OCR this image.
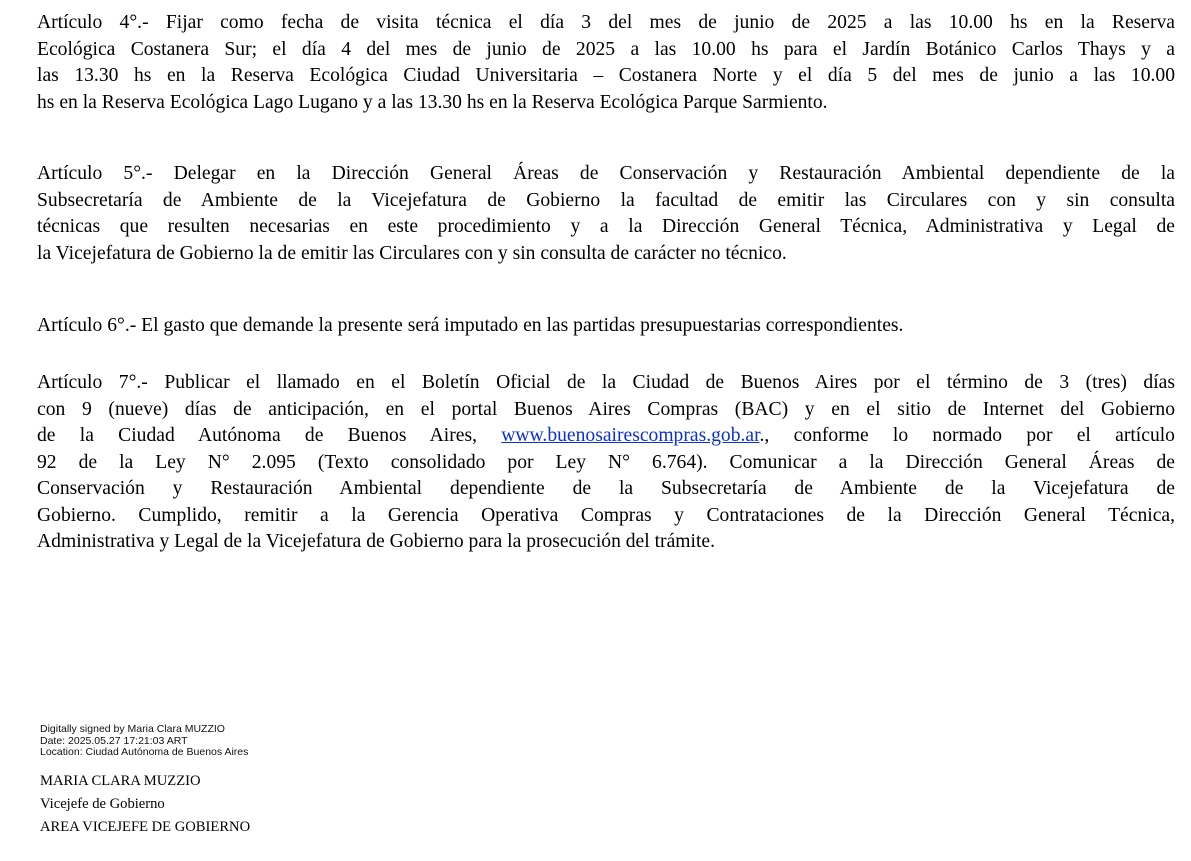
Artículo 4°.- Fijar como fecha de visita técnica el día 3 del mes de junio de 2025 a las 10.00 hs en la Reserva
Ecológica Costanera Sur; el día 4 del mes de junio de 2025 a las 10.00 hs para el Jardín Botánico Carlos Thays y a
las 13.30 hs en la Reserva Ecológica Ciudad Universitaria – Costanera Norte y el día 5 del mes de junio a las 10.00
hs en la Reserva Ecológica Lago Lugano y a las 13.30 hs en la Reserva Ecológica Parque Sarmiento.
Artículo 5°.- Delegar en la Dirección General Áreas de Conservación y Restauración Ambiental dependiente de la
Subsecretaría de Ambiente de la Vicejefatura de Gobierno la facultad de emitir las Circulares con y sin consulta
técnicas que resulten necesarias en este procedimiento y a la Dirección General Técnica, Administrativa y Legal de
la Vicejefatura de Gobierno la de emitir las Circulares con y sin consulta de carácter no técnico.
Artículo 6°.- El gasto que demande la presente será imputado en las partidas presupuestarias correspondientes.
Artículo 7°.- Publicar el llamado en el Boletín Oficial de la Ciudad de Buenos Aires por el término de 3 (tres) días
con 9 (nueve) días de anticipación, en el portal Buenos Aires Compras (BAC) y en el sitio de Internet del Gobierno
de la Ciudad Autónoma de Buenos Aires, www.buenosairescompras.gob.ar., conforme lo normado por el artículo
92 de la Ley N° 2.095 (Texto consolidado por Ley N° 6.764). Comunicar a la Dirección General Áreas de
Conservación y Restauración Ambiental dependiente de la Subsecretaría de Ambiente de la Vicejefatura de
Gobierno. Cumplido, remitir a la Gerencia Operativa Compras y Contrataciones de la Dirección General Técnica,
Administrativa y Legal de la Vicejefatura de Gobierno para la prosecución del trámite.
Digitally signed by Maria Clara MUZZIO
Date: 2025.05.27 17:21:03 ART
Location: Ciudad Autónoma de Buenos Aires
MARIA CLARA MUZZIO
Vicejefe de Gobierno
AREA VICEJEFE DE GOBIERNO
